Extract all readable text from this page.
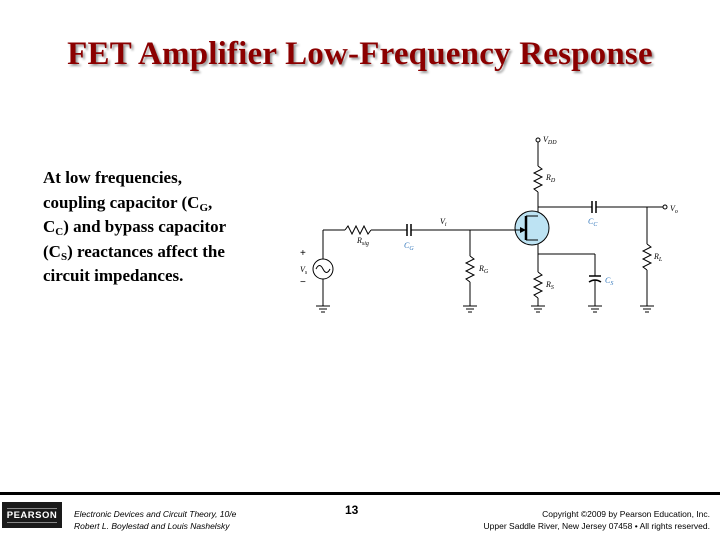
FET Amplifier Low-Frequency Response
At low frequencies,
coupling capacitor ($C_G$,
$C_C$) and bypass capacitor
$(C_S)$ reactances affect the
circuit impedances.
$V_{DD}$
$R_D$
$C_C$
$V_o$
$V_i$
$R_{sig}$	$C_G$
$R_G$
$R_S$
$C_S$
$R_L$
$V_s$
+
−
PEARSON Electronic Devices and Circuit Theory, 10/e
Robert L. Boylestad and Louis Nashelsky
13	Copyright ©2009 by Pearson Education, Inc.
Upper Saddle River, New Jersey 07458 • All rights reserved.
